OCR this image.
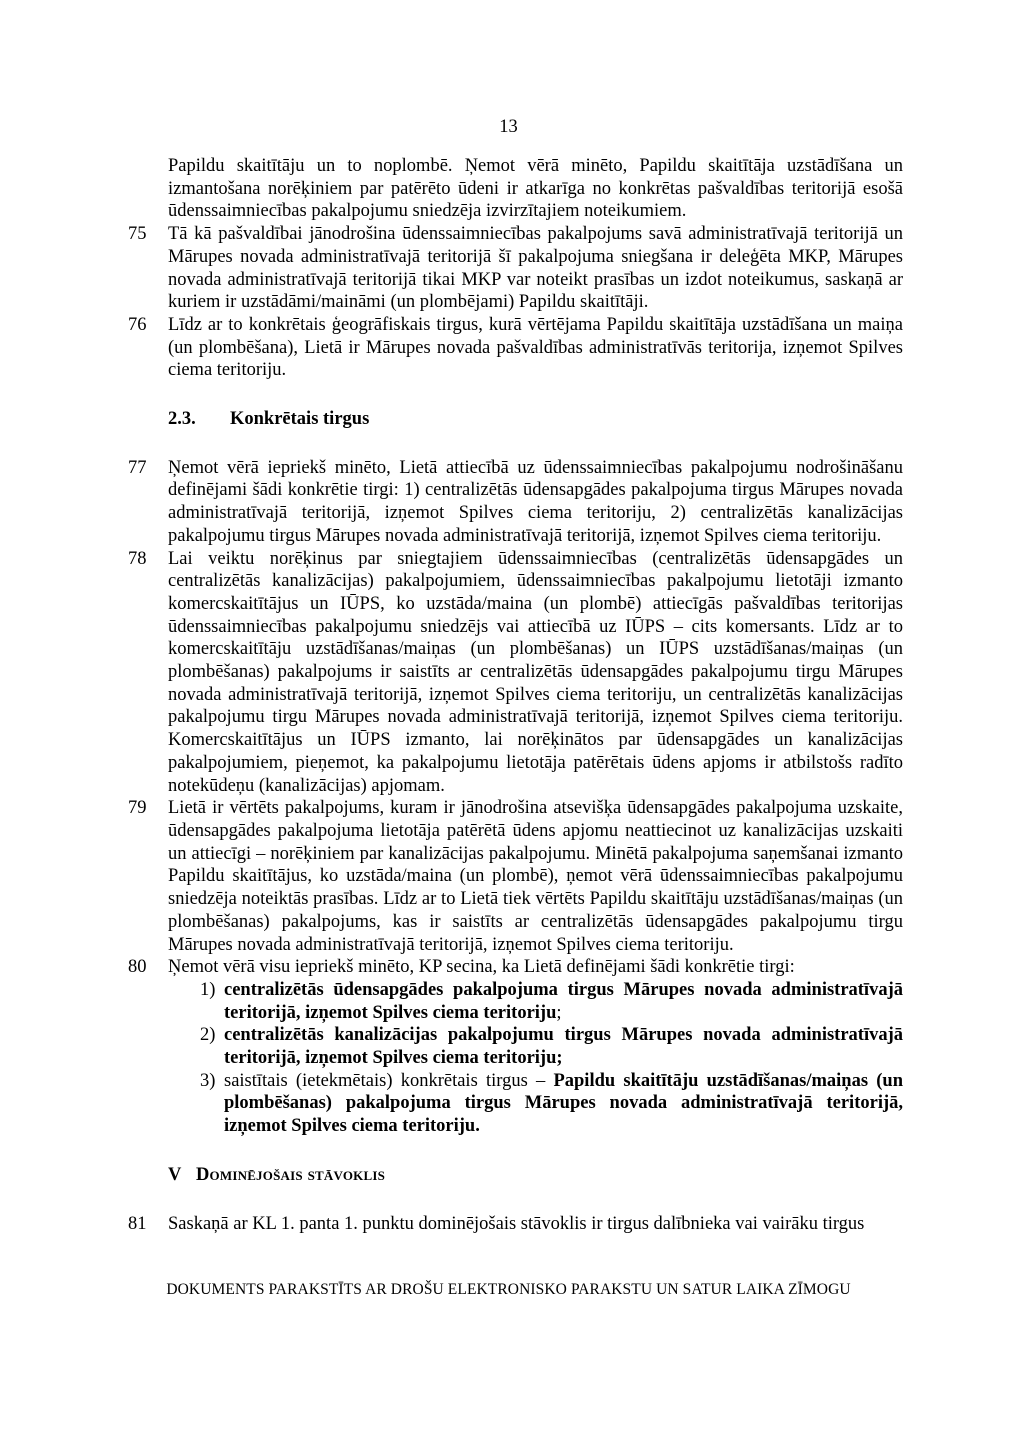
13
Papildu skaitītāju un to noplombē. Ņemot vērā minēto, Papildu skaitītāja uzstādīšana un izmantošana norēķiniem par patērēto ūdeni ir atkarīga no konkrētas pašvaldības teritorijā esošā ūdenssaimniecības pakalpojumu sniedzēja izvirzītajiem noteikumiem.
75	Tā kā pašvaldībai jānodrošina ūdenssaimniecības pakalpojums savā administratīvajā teritorijā un Mārupes novada administratīvajā teritorijā šī pakalpojuma sniegšana ir deleģēta MKP, Mārupes novada administratīvajā teritorijā tikai MKP var noteikt prasības un izdot noteikumus, saskaņā ar kuriem ir uzstādāmi/maināmi (un plombējami) Papildu skaitītāji.
76	Līdz ar to konkrētais ģeogrāfiskais tirgus, kurā vērtējama Papildu skaitītāja uzstādīšana un maiņa (un plombēšana), Lietā ir Mārupes novada pašvaldības administratīvās teritorija, izņemot Spilves ciema teritoriju.
2.3.	Konkrētais tirgus
77	Ņemot vērā iepriekš minēto, Lietā attiecībā uz ūdenssaimniecības pakalpojumu nodrošināšanu definējami šādi konkrētie tirgi: 1) centralizētās ūdensapgādes pakalpojuma tirgus Mārupes novada administratīvajā teritorijā, izņemot Spilves ciema teritoriju, 2) centralizētās kanalizācijas pakalpojumu tirgus Mārupes novada administratīvajā teritorijā, izņemot Spilves ciema teritoriju.
78	Lai veiktu norēķinus par sniegtajiem ūdenssaimniecības (centralizētās ūdensapgādes un centralizētās kanalizācijas) pakalpojumiem, ūdenssaimniecības pakalpojumu lietotāji izmanto komercskaitītājus un IŪPS, ko uzstāda/maina (un plombē) attiecīgās pašvaldības teritorijas ūdenssaimniecības pakalpojumu sniedzējs vai attiecībā uz IŪPS – cits komersants. Līdz ar to komercskaitītāju uzstādīšanas/maiņas (un plombēšanas) un IŪPS uzstādīšanas/maiņas (un plombēšanas) pakalpojums ir saistīts ar centralizētās ūdensapgādes pakalpojumu tirgu Mārupes novada administratīvajā teritorijā, izņemot Spilves ciema teritoriju, un centralizētās kanalizācijas pakalpojumu tirgu Mārupes novada administratīvajā teritorijā, izņemot Spilves ciema teritoriju. Komercskaitītājus un IŪPS izmanto, lai norēķinātos par ūdensapgādes un kanalizācijas pakalpojumiem, pieņemot, ka pakalpojumu lietotāja patērētais ūdens apjoms ir atbilstošs radīto notekūdeņu (kanalizācijas) apjomam.
79	Lietā ir vērtēts pakalpojums, kuram ir jānodrošina atsevišķa ūdensapgādes pakalpojuma uzskaite, ūdensapgādes pakalpojuma lietotāja patērētā ūdens apjomu neattiecinot uz kanalizācijas uzskaiti un attiecīgi – norēķiniem par kanalizācijas pakalpojumu. Minētā pakalpojuma saņemšanai izmanto Papildu skaitītājus, ko uzstāda/maina (un plombē), ņemot vērā ūdenssaimniecības pakalpojumu sniedzēja noteiktās prasības. Līdz ar to Lietā tiek vērtēts Papildu skaitītāju uzstādīšanas/maiņas (un plombēšanas) pakalpojums, kas ir saistīts ar centralizētās ūdensapgādes pakalpojumu tirgu Mārupes novada administratīvajā teritorijā, izņemot Spilves ciema teritoriju.
80	Ņemot vērā visu iepriekš minēto, KP secina, ka Lietā definējami šādi konkrētie tirgi:
1) centralizētās ūdensapgādes pakalpojuma tirgus Mārupes novada administratīvajā teritorijā, izņemot Spilves ciema teritoriju;
2) centralizētās kanalizācijas pakalpojumu tirgus Mārupes novada administratīvajā teritorijā, izņemot Spilves ciema teritoriju;
3) saistītais (ietekmētais) konkrētais tirgus – Papildu skaitītāju uzstādīšanas/maiņas (un plombēšanas) pakalpojuma tirgus Mārupes novada administratīvajā teritorijā, izņemot Spilves ciema teritoriju.
V Dominējošais stāvoklis
81	Saskaņā ar KL 1. panta 1. punktu dominējošais stāvoklis ir tirgus dalībnieka vai vairāku tirgus
DOKUMENTS PARAKSTĪTS AR DROŠU ELEKTRONISKO PARAKSTU UN SATUR LAIKA ZĪMOGU
